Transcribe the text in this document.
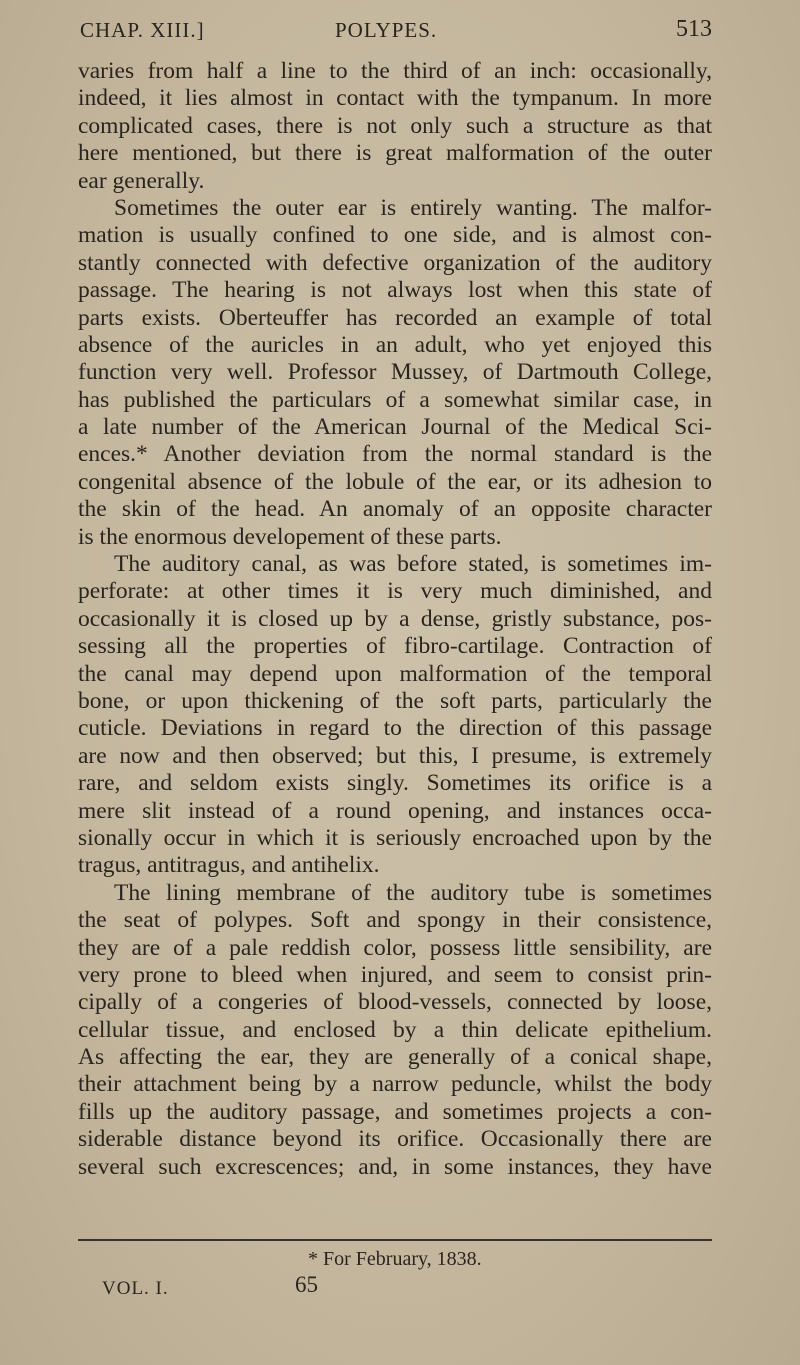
CHAP. XIII.]	POLYPES.	513
varies from half a line to the third of an inch: occasionally,
indeed, it lies almost in contact with the tympanum. In more
complicated cases, there is not only such a structure as that
here mentioned, but there is great malformation of the outer
ear generally.
Sometimes the outer ear is entirely wanting. The malfor-
mation is usually confined to one side, and is almost con-
stantly connected with defective organization of the auditory
passage. The hearing is not always lost when this state of
parts exists. Oberteuffer has recorded an example of total
absence of the auricles in an adult, who yet enjoyed this
function very well. Professor Mussey, of Dartmouth College,
has published the particulars of a somewhat similar case, in
a late number of the American Journal of the Medical Sci-
ences.* Another deviation from the normal standard is the
congenital absence of the lobule of the ear, or its adhesion to
the skin of the head. An anomaly of an opposite character
is the enormous developement of these parts.
The auditory canal, as was before stated, is sometimes im-
perforate: at other times it is very much diminished, and
occasionally it is closed up by a dense, gristly substance, pos-
sessing all the properties of fibro-cartilage. Contraction of
the canal may depend upon malformation of the temporal
bone, or upon thickening of the soft parts, particularly the
cuticle. Deviations in regard to the direction of this passage
are now and then observed; but this, I presume, is extremely
rare, and seldom exists singly. Sometimes its orifice is a
mere slit instead of a round opening, and instances occa-
sionally occur in which it is seriously encroached upon by the
tragus, antitragus, and antihelix.
The lining membrane of the auditory tube is sometimes
the seat of polypes. Soft and spongy in their consistence,
they are of a pale reddish color, possess little sensibility, are
very prone to bleed when injured, and seem to consist prin-
cipally of a congeries of blood-vessels, connected by loose,
cellular tissue, and enclosed by a thin delicate epithelium.
As affecting the ear, they are generally of a conical shape,
their attachment being by a narrow peduncle, whilst the body
fills up the auditory passage, and sometimes projects a con-
siderable distance beyond its orifice. Occasionally there are
several such excrescences; and, in some instances, they have
* For February, 1838.
VOL. I.	65
